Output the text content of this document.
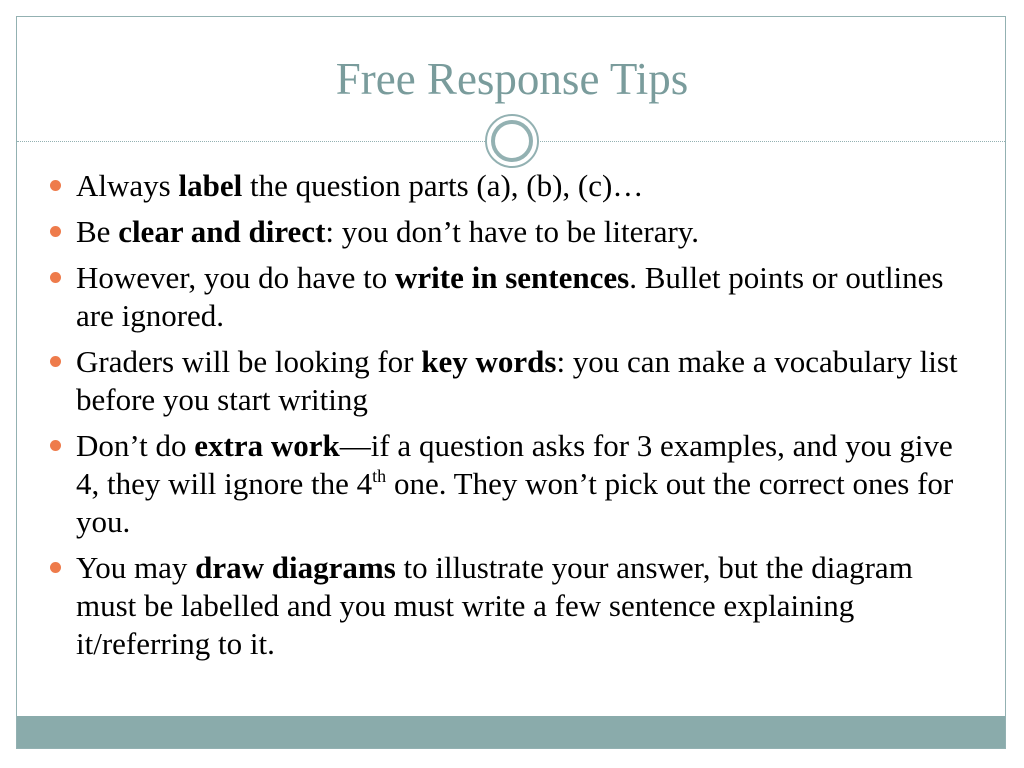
Free Response Tips
Always label the question parts (a), (b), (c)…
Be clear and direct: you don’t have to be literary.
However, you do have to write in sentences. Bullet points or outlines are ignored.
Graders will be looking for key words: you can make a vocabulary list before you start writing
Don’t do extra work—if a question asks for 3 examples, and you give 4, they will ignore the 4th one. They won’t pick out the correct ones for you.
You may draw diagrams to illustrate your answer, but the diagram must be labelled and you must write a few sentence explaining it/referring to it.
